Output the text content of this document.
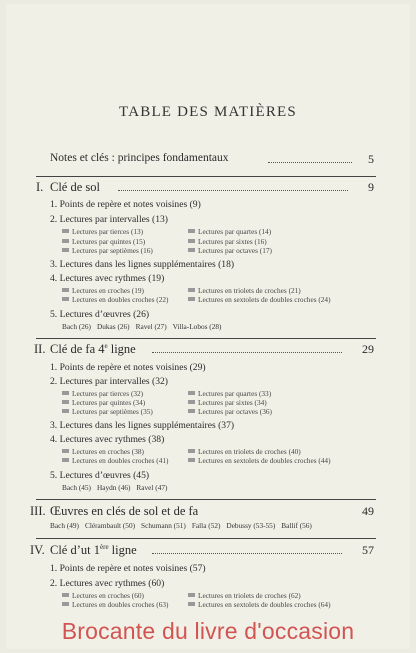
TABLE DES MATIÈRES
Notes et clés : principes fondamentaux	5
I. Clé de sol	9
1. Points de repère et notes voisines (9)
2. Lectures par intervalles (13)
Lectures par tierces (13)	Lectures par quartes (14)
Lectures par quintes (15)	Lectures par sixtes (16)
Lectures par septièmes (16)	Lectures par octaves (17)
3. Lectures dans les lignes supplémentaires (18)
4. Lectures avec rythmes (19)
Lectures en croches (19)	Lectures en triolets de croches (21)
Lectures en doubles croches (22)	Lectures en sextolets de doubles croches (24)
5. Lectures d’œuvres (26)
Bach (26) Dukas (26) Ravel (27) Villa-Lobos (28)
II. Clé de fa 4e ligne	29
1. Points de repère et notes voisines (29)
2. Lectures par intervalles (32)
Lectures par tierces (32)	Lectures par quartes (33)
Lectures par quintes (34)	Lectures par sixtes (34)
Lectures par septièmes (35)	Lectures par octaves (36)
3. Lectures dans les lignes supplémentaires (37)
4. Lectures avec rythmes (38)
Lectures en croches (38)	Lectures en triolets de croches (40)
Lectures en doubles croches (41)	Lectures en sextolets de doubles croches (44)
5. Lectures d’œuvres (45)
Bach (45) Haydn (46) Ravel (47)
III. Œuvres en clés de sol et de fa	49
Bach (49) Clérambault (50) Schumann (51) Falla (52) Debussy (53-55) Ballif (56)
IV. Clé d’ut 1ère ligne	57
1. Points de repère et notes voisines (57)
2. Lectures avec rythmes (60)
Lectures en croches (60)	Lectures en triolets de croches (62)
Lectures en doubles croches (63)	Lectures en sextolets de doubles croches (64)
Brocante du livre d'occasion
